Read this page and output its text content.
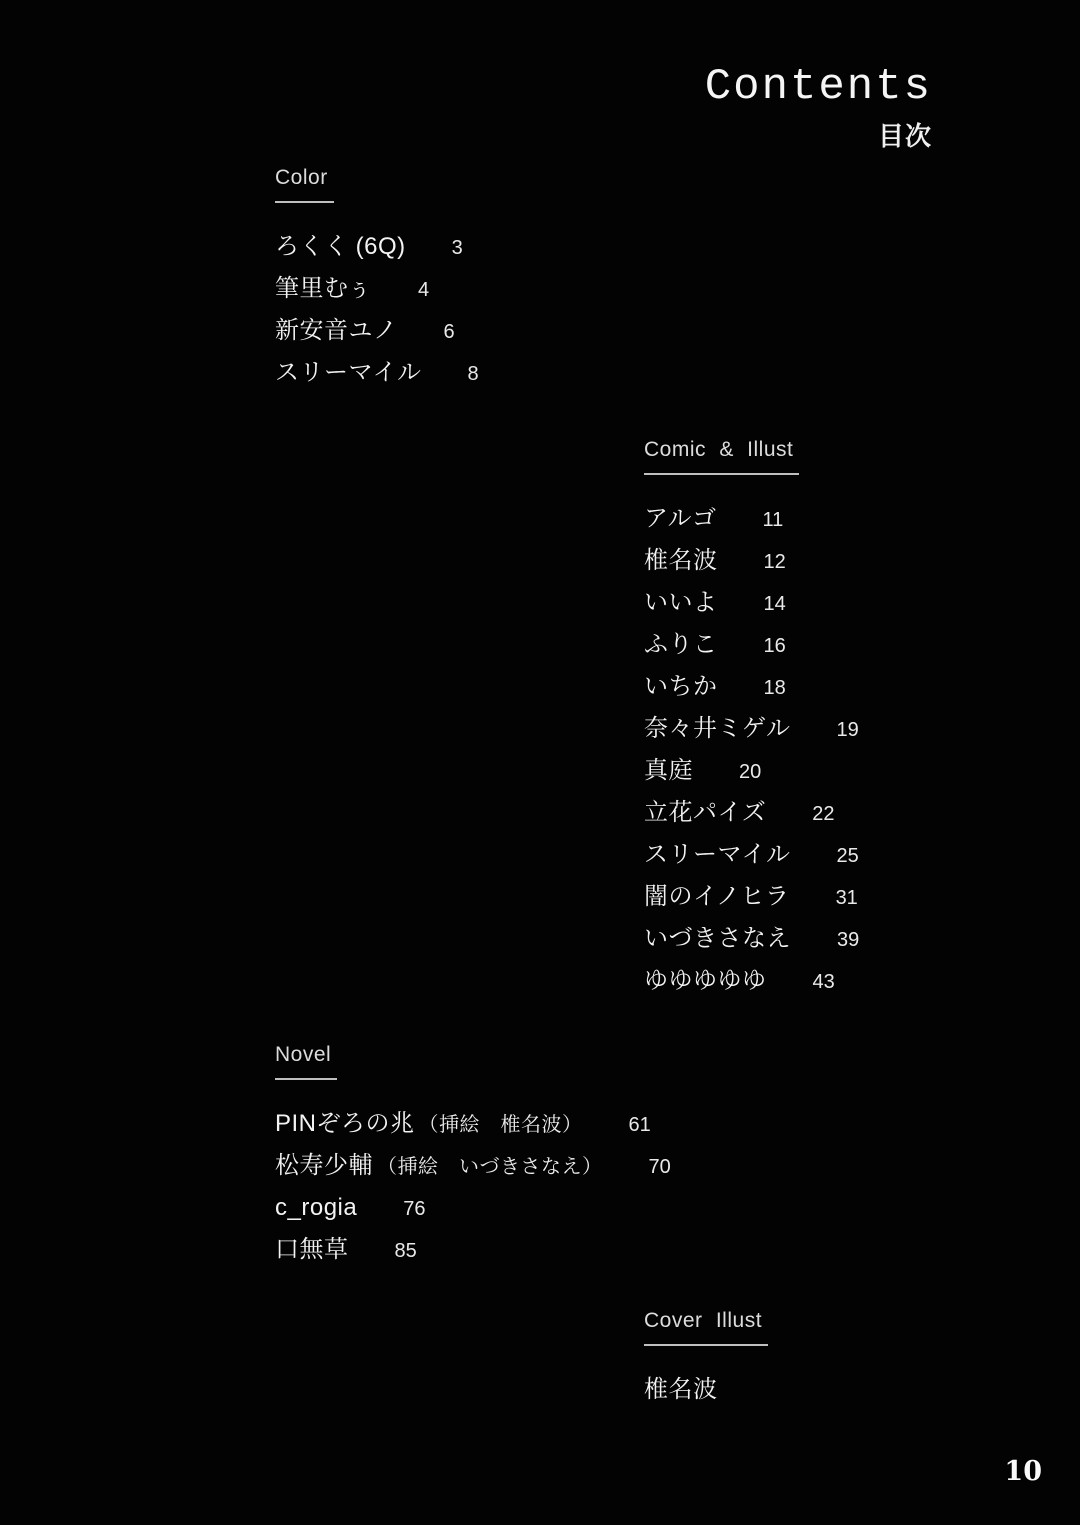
Contents
目次
Color
ろくく (6Q) 3
筆里むぅ 4
新安音ユノ 6
スリーマイル 8
Comic & Illust
アルゴ 11
椎名波 12
いいよ 14
ふりこ 16
いちか 18
奈々井ミゲル 19
真庭 20
立花パイズ 22
スリーマイル 25
闇のイノヒラ 31
いづきさなえ 39
ゆゆゆゆゆ 43
Novel
PINぞろの兆 （挿絵　椎名波） 61
松寿少輔 （挿絵　いづきさなえ） 70
c_rogia 76
口無草 85
Cover Illust
椎名波
10
